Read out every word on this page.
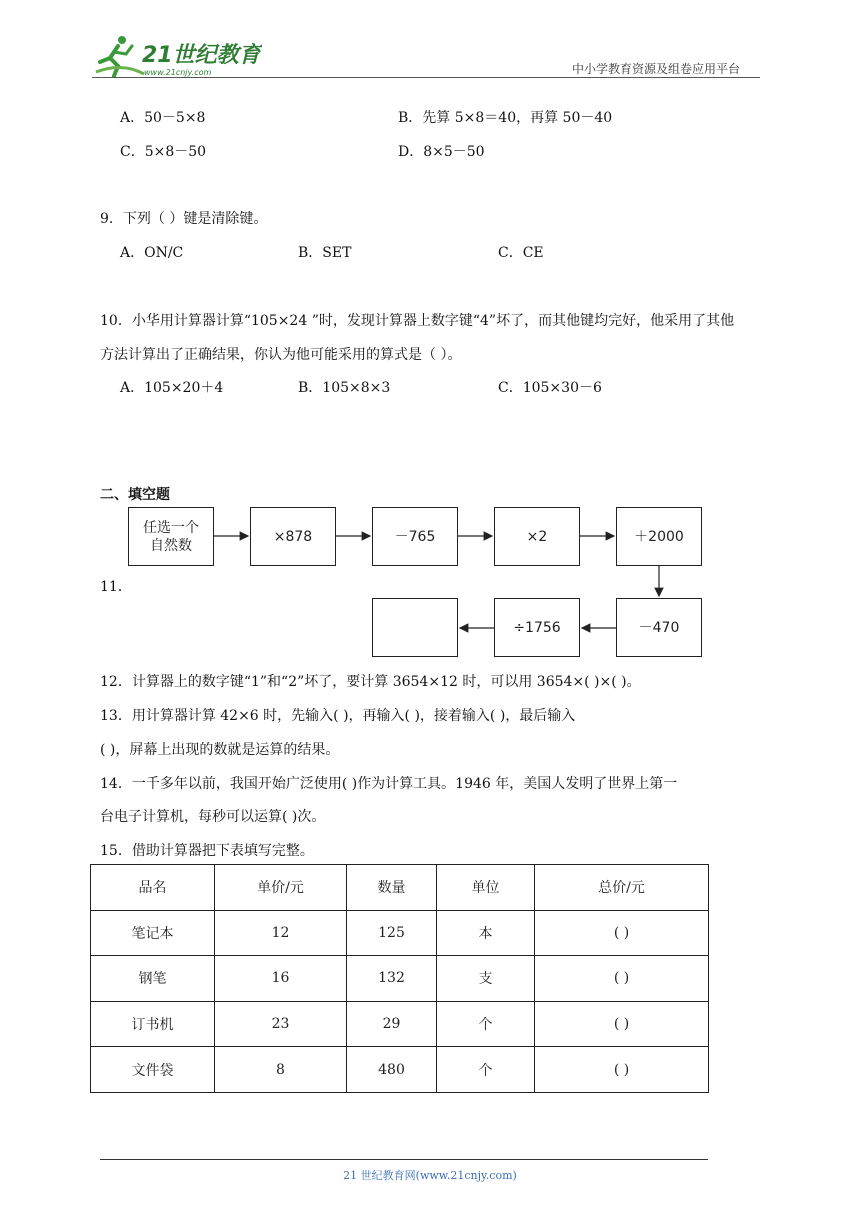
21世纪教育
www.21cnjy.com	中小学教育资源及组卷应用平台
A．50－5×8	B．先算 5×8＝40，再算 50－40
C．5×8－50	D．8×5－50
9．下列（ ）键是清除键。
A．ON/C	B．SET	C．CE
10．小华用计算器计算“105×24 ”时，发现计算器上数字键“4”坏了，而其他键均完好，他采用了其他
方法计算出了正确结果，你认为他可能采用的算式是（ ）。
A．105×20＋4	B．105×8×3	C．105×30－6
二、填空题
11．
任选一个
自然数
×878	－765	×2	＋2000
－470
÷1756
12．计算器上的数字键“1”和“2”坏了，要计算 3654×12 时，可以用 3654×( )×( )。
13．用计算器计算 42×6 时，先输入( )，再输入( )，接着输入( )，最后输入
( )，屏幕上出现的数就是运算的结果。
14．一千多年以前，我国开始广泛使用( )作为计算工具。1946 年，美国人发明了世界上第一
台电子计算机，每秒可以运算( )次。
15．借助计算器把下表填写完整。
品名	单价/元	数量	单位	总价/元
笔记本	12	125	本	( )
钢笔	16	132	支	( )
订书机	23	29	个	( )
文件袋	8	480	个	( )
21 世纪教育网(www.21cnjy.com)
